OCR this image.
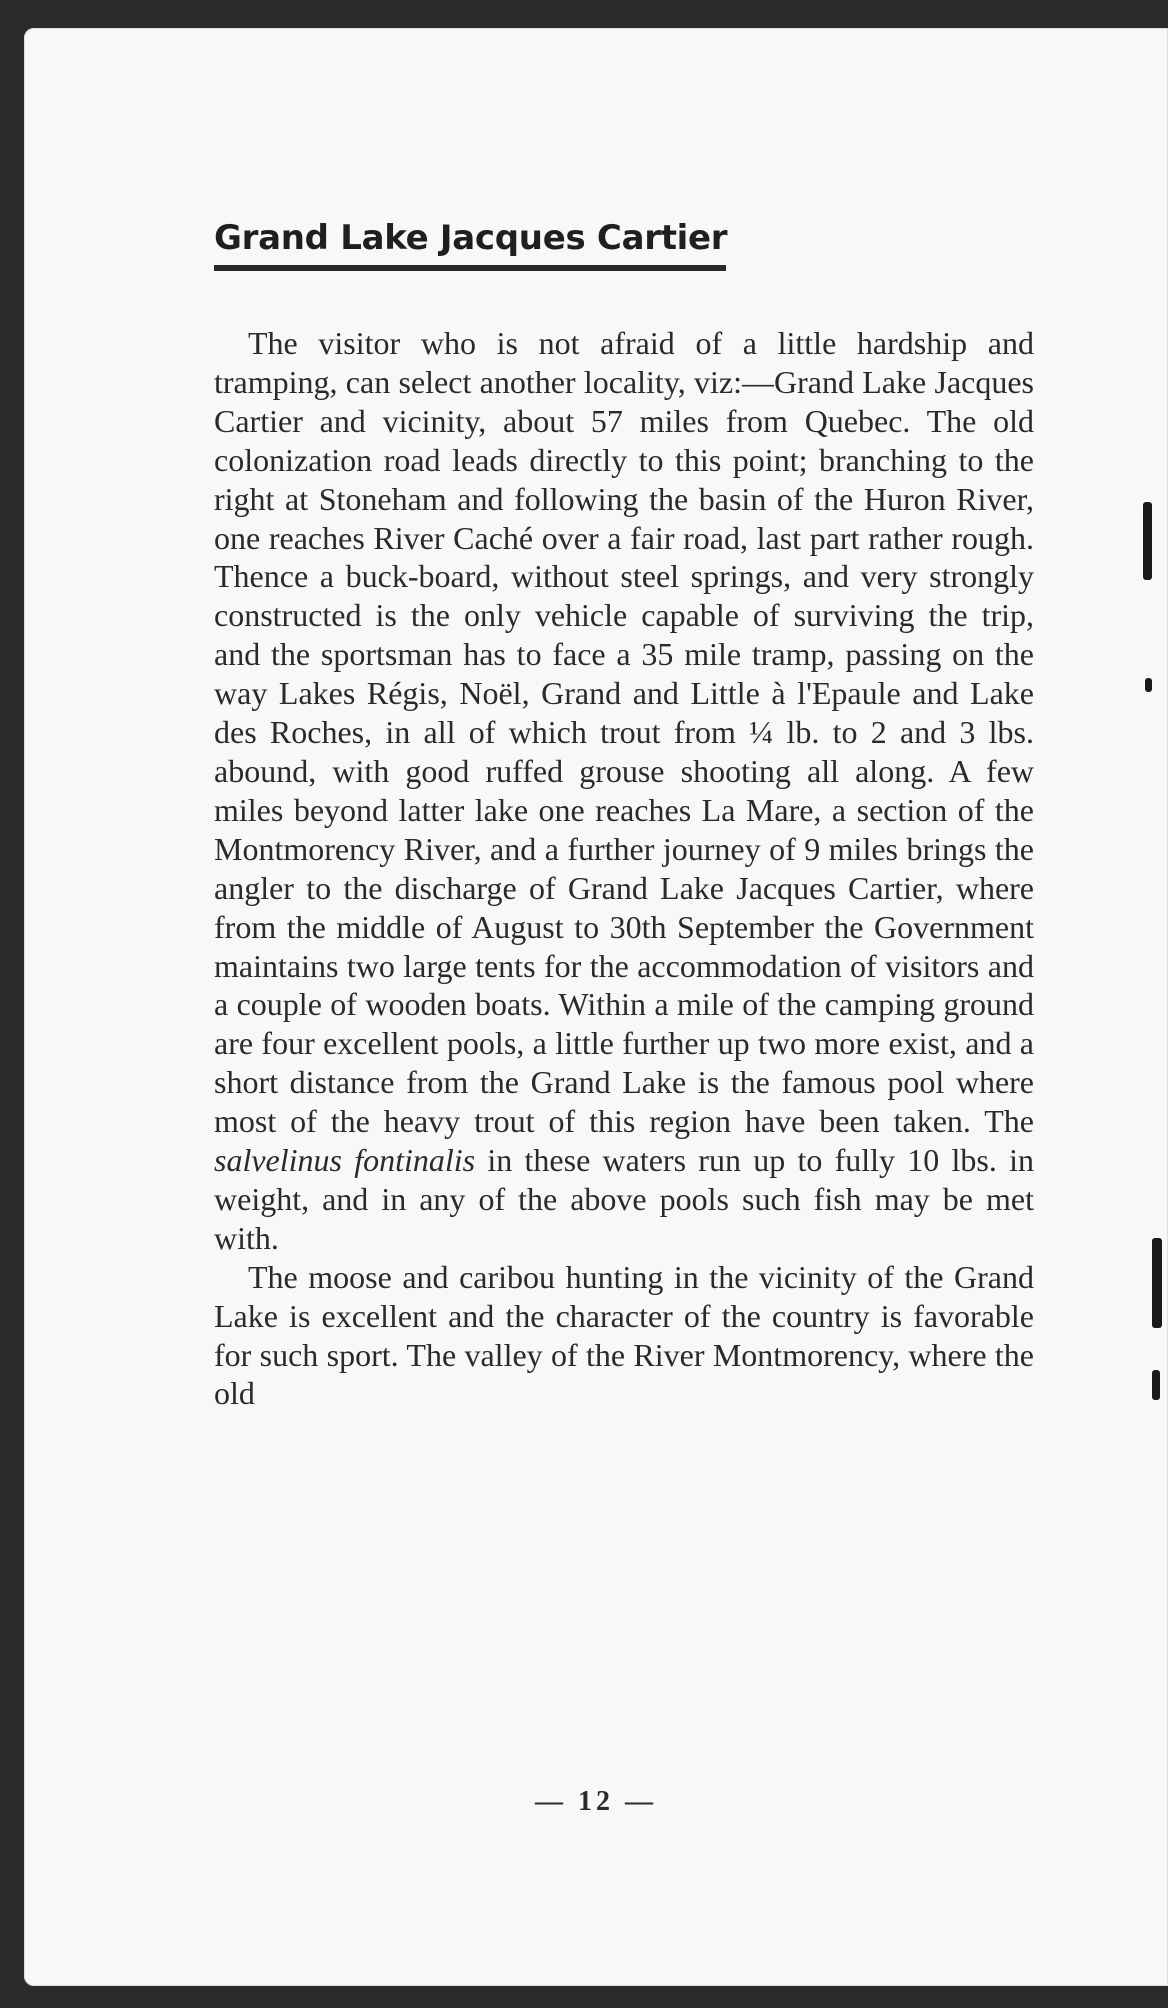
Grand Lake Jacques Cartier

The visitor who is not afraid of a little hardship and tramping, can select another locality, viz:—Grand Lake Jacques Cartier and vicinity, about 57 miles from Quebec. The old colonization road leads directly to this point; branching to the right at Stoneham and following the basin of the Huron River, one reaches River Caché over a fair road, last part rather rough. Thence a buck-board, without steel springs, and very strongly constructed is the only vehicle capable of surviving the trip, and the sportsman has to face a 35 mile tramp, passing on the way Lakes Régis, Noël, Grand and Little à l'Epaule and Lake des Roches, in all of which trout from ¼ lb. to 2 and 3 lbs. abound, with good ruffed grouse shooting all along. A few miles beyond latter lake one reaches La Mare, a section of the Montmorency River, and a further journey of 9 miles brings the angler to the discharge of Grand Lake Jacques Cartier, where from the middle of August to 30th September the Government maintains two large tents for the accommodation of visitors and a couple of wooden boats. Within a mile of the camping ground are four excellent pools, a little further up two more exist, and a short distance from the Grand Lake is the famous pool where most of the heavy trout of this region have been taken. The salvelinus fontinalis in these waters run up to fully 10 lbs. in weight, and in any of the above pools such fish may be met with.

The moose and caribou hunting in the vicinity of the Grand Lake is excellent and the character of the country is favorable for such sport. The valley of the River Montmorency, where the old

— 12 —
